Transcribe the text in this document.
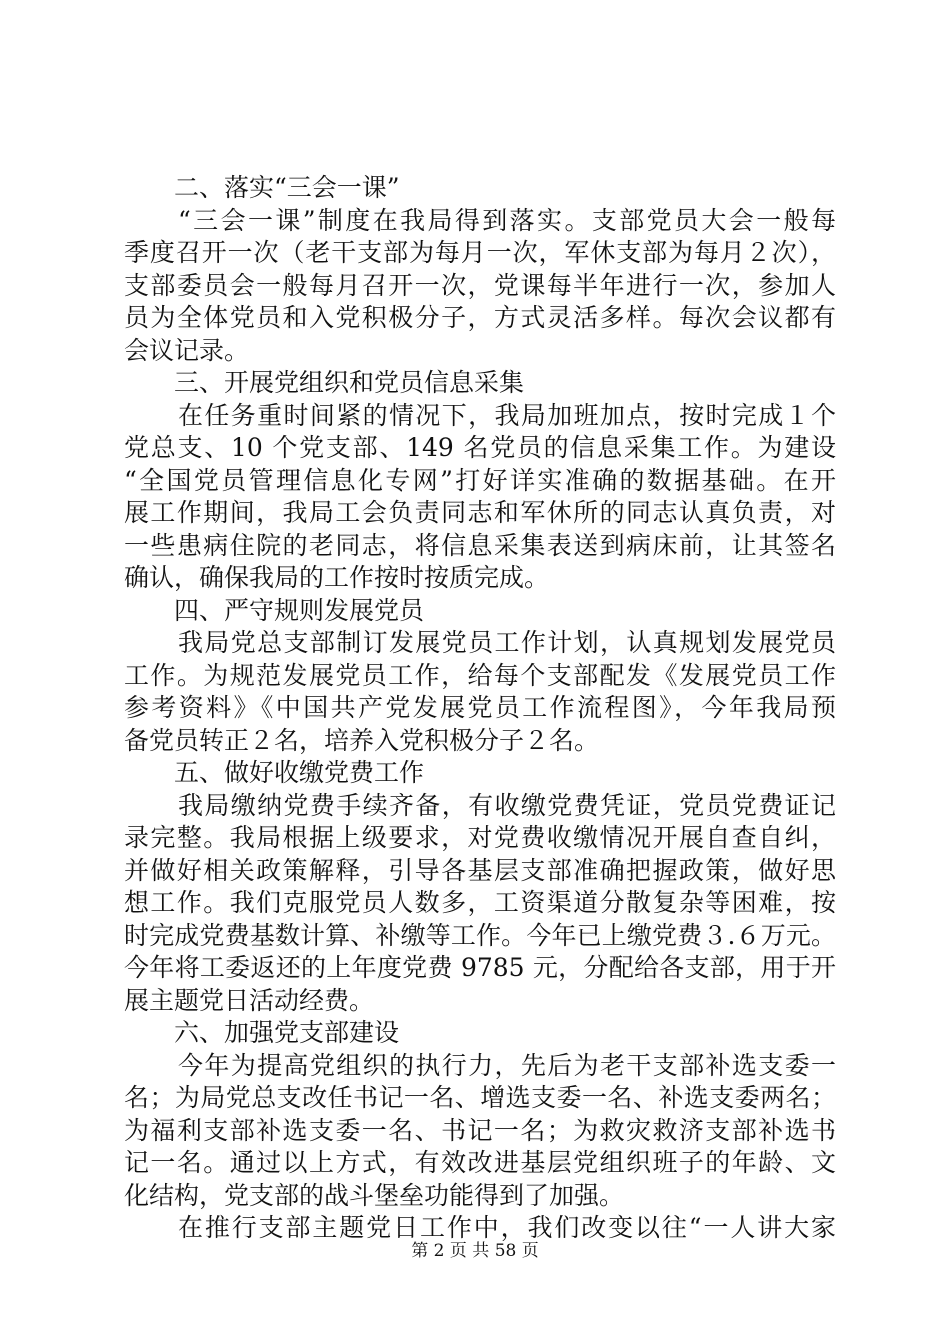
二、落实“三会一课”
“三会一课”制度在我局得到落实。支部党员大会一般每
季度召开一次（老干支部为每月一次，军休支部为每月２次），
支部委员会一般每月召开一次，党课每半年进行一次，参加人
员为全体党员和入党积极分子，方式灵活多样。每次会议都有
会议记录。
三、开展党组织和党员信息采集
在任务重时间紧的情况下，我局加班加点，按时完成１个
党总支、10 个党支部、149 名党员的信息采集工作。为建设
“全国党员管理信息化专网”打好详实准确的数据基础。在开
展工作期间，我局工会负责同志和军休所的同志认真负责，对
一些患病住院的老同志，将信息采集表送到病床前，让其签名
确认，确保我局的工作按时按质完成。
四、严守规则发展党员
我局党总支部制订发展党员工作计划，认真规划发展党员
工作。为规范发展党员工作，给每个支部配发《发展党员工作
参考资料》《中国共产党发展党员工作流程图》，今年我局预
备党员转正２名，培养入党积极分子２名。
五、做好收缴党费工作
我局缴纳党费手续齐备，有收缴党费凭证，党员党费证记
录完整。我局根据上级要求，对党费收缴情况开展自查自纠，
并做好相关政策解释，引导各基层支部准确把握政策，做好思
想工作。我们克服党员人数多，工资渠道分散复杂等困难，按
时完成党费基数计算、补缴等工作。今年已上缴党费３.６万元。
今年将工委返还的上年度党费 9785 元，分配给各支部，用于开
展主题党日活动经费。
六、加强党支部建设
今年为提高党组织的执行力，先后为老干支部补选支委一
名；为局党总支改任书记一名、增选支委一名、补选支委两名；
为福利支部补选支委一名、书记一名；为救灾救济支部补选书
记一名。通过以上方式，有效改进基层党组织班子的年龄、文
化结构，党支部的战斗堡垒功能得到了加强。
在推行支部主题党日工作中，我们改变以往“一人讲大家
第 2 页 共 58 页
